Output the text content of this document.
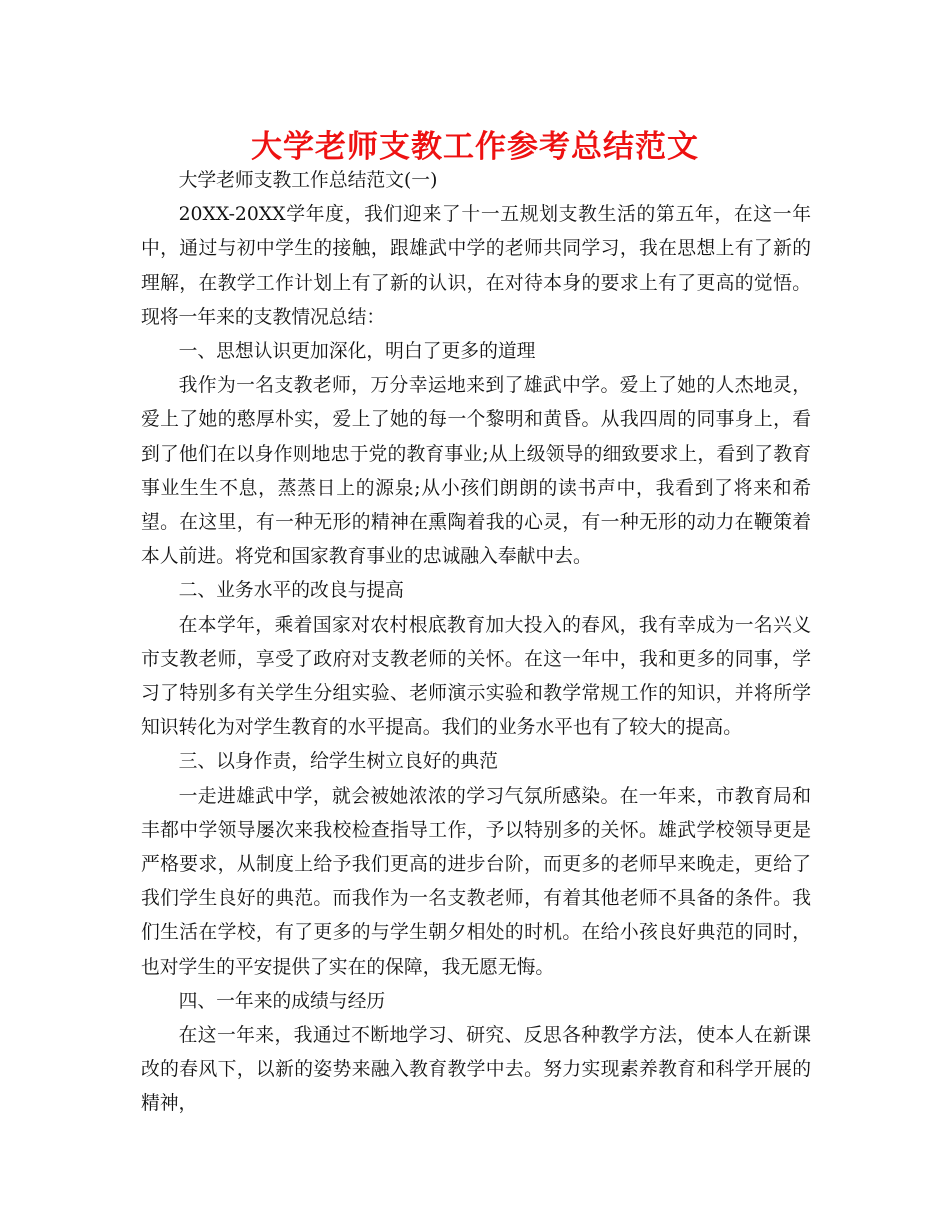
大学老师支教工作参考总结范文

大学老师支教工作总结范文(一)

20XX-20XX学年度，我们迎来了十一五规划支教生活的第五年，在这一年中，通过与初中学生的接触，跟雄武中学的老师共同学习，我在思想上有了新的理解，在教学工作计划上有了新的认识，在对待本身的要求上有了更高的觉悟。现将一年来的支教情况总结：

一、思想认识更加深化，明白了更多的道理

我作为一名支教老师，万分幸运地来到了雄武中学。爱上了她的人杰地灵，爱上了她的憨厚朴实，爱上了她的每一个黎明和黄昏。从我四周的同事身上，看到了他们在以身作则地忠于党的教育事业;从上级领导的细致要求上，看到了教育事业生生不息，蒸蒸日上的源泉;从小孩们朗朗的读书声中，我看到了将来和希望。在这里，有一种无形的精神在熏陶着我的心灵，有一种无形的动力在鞭策着本人前进。将党和国家教育事业的忠诚融入奉献中去。

二、业务水平的改良与提高

在本学年，乘着国家对农村根底教育加大投入的春风，我有幸成为一名兴义市支教老师，享受了政府对支教老师的关怀。在这一年中，我和更多的同事，学习了特别多有关学生分组实验、老师演示实验和教学常规工作的知识，并将所学知识转化为对学生教育的水平提高。我们的业务水平也有了较大的提高。

三、以身作责，给学生树立良好的典范

一走进雄武中学，就会被她浓浓的学习气氛所感染。在一年来，市教育局和丰都中学领导屡次来我校检查指导工作，予以特别多的关怀。雄武学校领导更是严格要求，从制度上给予我们更高的进步台阶，而更多的老师早来晚走，更给了我们学生良好的典范。而我作为一名支教老师，有着其他老师不具备的条件。我们生活在学校，有了更多的与学生朝夕相处的时机。在给小孩良好典范的同时，也对学生的平安提供了实在的保障，我无愿无悔。

四、一年来的成绩与经历

在这一年来，我通过不断地学习、研究、反思各种教学方法，使本人在新课改的春风下，以新的姿势来融入教育教学中去。努力实现素养教育和科学开展的精神，
